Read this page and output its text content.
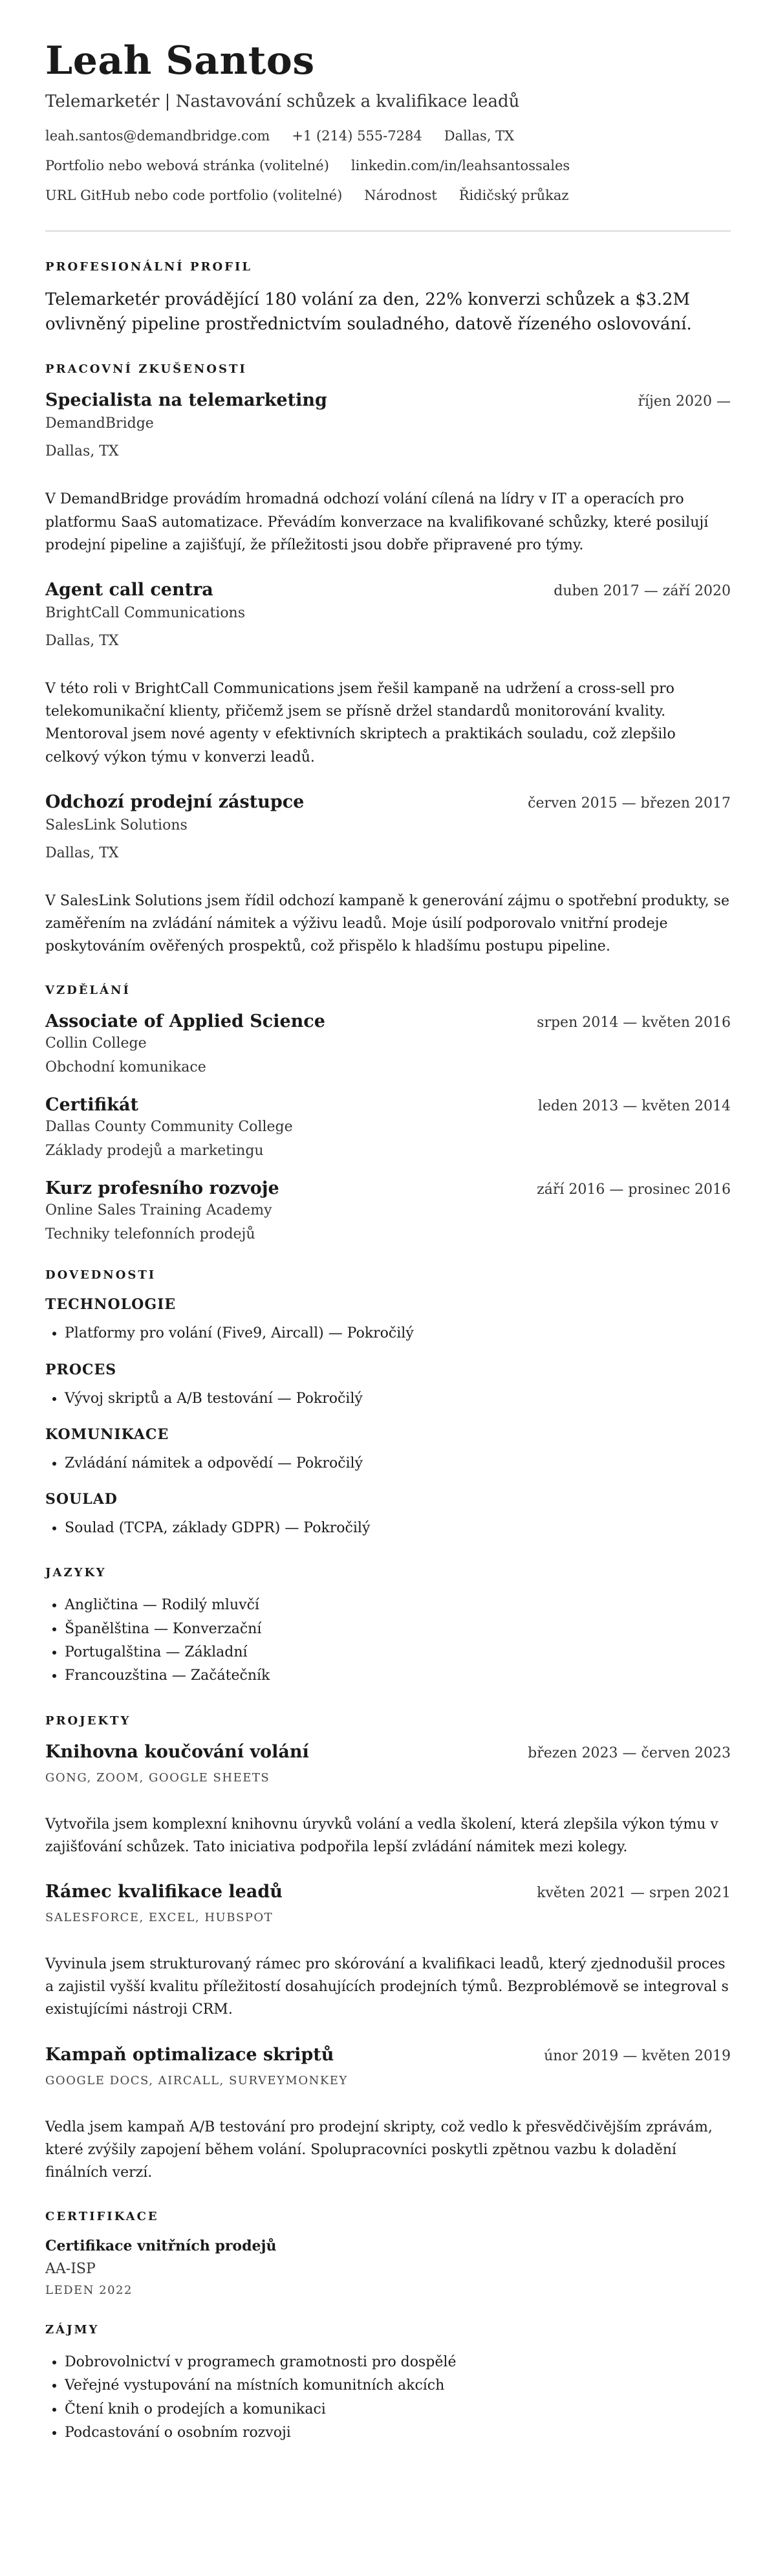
Leah Santos
Telemarketér | Nastavování schůzek a kvalifikace leadů
leah.santos@demandbridge.com +1 (214) 555-7284 Dallas, TX
Portfolio nebo webová stránka (volitelné) linkedin.com/in/leahsantossales
URL GitHub nebo code portfolio (volitelné) Národnost Řidičský průkaz
PROFESIONÁLNÍ PROFIL

Telemarketér provádějící 180 volání za den, 22% konverzi schůzek a $3.2M ovlivněný pipeline prostřednictvím souladného, datově řízeného oslovování.

PRACOVNÍ ZKUŠENOSTI
Specialista na telemarketing	říjen 2020 —
DemandBridge
Dallas, TX

V DemandBridge provádím hromadná odchozí volání cílená na lídry v IT a operacích pro platformu SaaS automatizace. Převádím konverzace na kvalifikované schůzky, které posilují prodejní pipeline a zajišťují, že příležitosti jsou dobře připravené pro týmy.

Agent call centra	duben 2017 — září 2020
BrightCall Communications
Dallas, TX

V této roli v BrightCall Communications jsem řešil kampaně na udržení a cross-sell pro telekomunikační klienty, přičemž jsem se přísně držel standardů monitorování kvality. Mentoroval jsem nové agenty v efektivních skriptech a praktikách souladu, což zlepšilo celkový výkon týmu v konverzi leadů.

Odchozí prodejní zástupce	červen 2015 — březen 2017
SalesLink Solutions
Dallas, TX

V SalesLink Solutions jsem řídil odchozí kampaně k generování zájmu o spotřební produkty, se zaměřením na zvládání námitek a výživu leadů. Moje úsilí podporovalo vnitřní prodeje poskytováním ověřených prospektů, což přispělo k hladšímu postupu pipeline.

VZDĚLÁNÍ
Associate of Applied Science	srpen 2014 — květen 2016
Collin College
Obchodní komunikace
Certifikát	leden 2013 — květen 2014
Dallas County Community College
Základy prodejů a marketingu
Kurz profesního rozvoje	září 2016 — prosinec 2016
Online Sales Training Academy
Techniky telefonních prodejů
DOVEDNOSTI
TECHNOLOGIE
• Platformy pro volání (Five9, Aircall) — Pokročilý
PROCES
• Vývoj skriptů a A/B testování — Pokročilý
KOMUNIKACE
• Zvládání námitek a odpovědí — Pokročilý
SOULAD
• Soulad (TCPA, základy GDPR) — Pokročilý
JAZYKY
• Angličtina — Rodilý mluvčí
• Španělština — Konverzační
• Portugalština — Základní
• Francouzština — Začátečník
PROJEKTY
Knihovna koučování volání	březen 2023 — červen 2023
GONG, ZOOM, GOOGLE SHEETS

Vytvořila jsem komplexní knihovnu úryvků volání a vedla školení, která zlepšila výkon týmu v zajišťování schůzek. Tato iniciativa podpořila lepší zvládání námitek mezi kolegy.

Rámec kvalifikace leadů	květen 2021 — srpen 2021
SALESFORCE, EXCEL, HUBSPOT

Vyvinula jsem strukturovaný rámec pro skórování a kvalifikaci leadů, který zjednodušil proces a zajistil vyšší kvalitu příležitostí dosahujících prodejních týmů. Bezproblémově se integroval s existujícími nástroji CRM.

Kampaň optimalizace skriptů	únor 2019 — květen 2019
GOOGLE DOCS, AIRCALL, SURVEYMONKEY

Vedla jsem kampaň A/B testování pro prodejní skripty, což vedlo k přesvědčivějším zprávám, které zvýšily zapojení během volání. Spolupracovníci poskytli zpětnou vazbu k doladění finálních verzí.

CERTIFIKACE
Certifikace vnitřních prodejů
AA-ISP
LEDEN 2022
ZÁJMY
• Dobrovolnictví v programech gramotnosti pro dospělé
• Veřejné vystupování na místních komunitních akcích
• Čtení knih o prodejích a komunikaci
• Podcastování o osobním rozvoji
